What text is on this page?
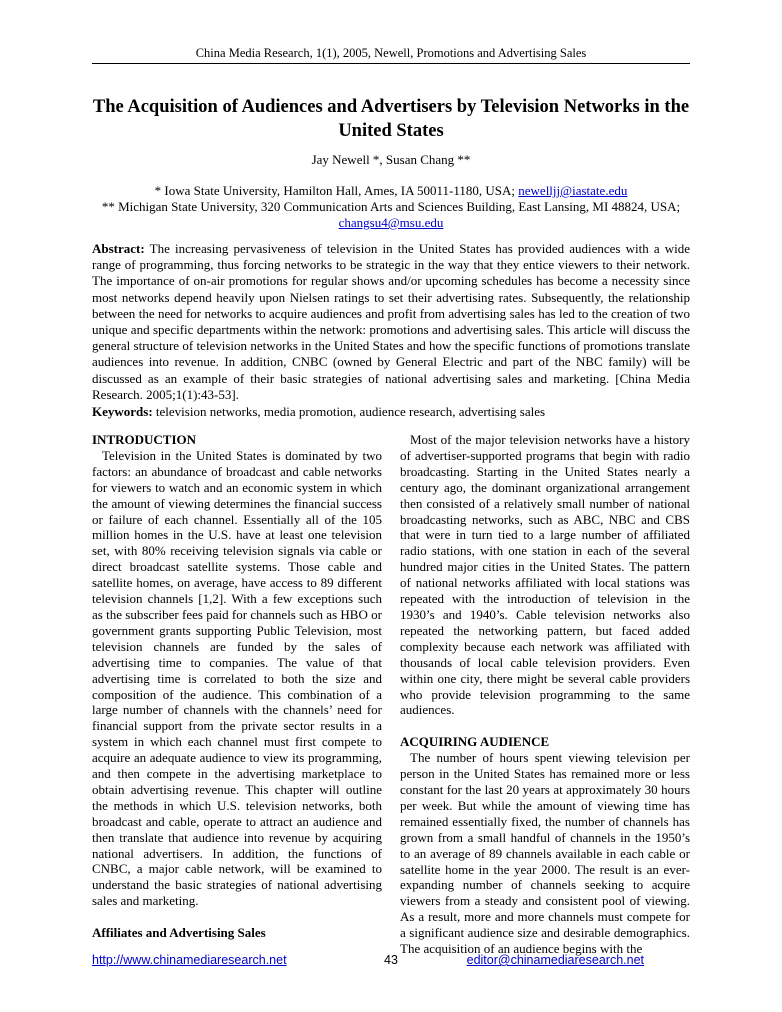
China Media Research, 1(1), 2005, Newell, Promotions and Advertising Sales
The Acquisition of Audiences and Advertisers by Television Networks in the United States
Jay Newell *, Susan Chang **
* Iowa State University, Hamilton Hall, Ames, IA 50011-1180, USA; newelljj@iastate.edu
** Michigan State University, 320 Communication Arts and Sciences Building, East Lansing, MI 48824, USA; changsu4@msu.edu

Abstract: The increasing pervasiveness of television in the United States has provided audiences with a wide range of programming, thus forcing networks to be strategic in the way that they entice viewers to their network. The importance of on-air promotions for regular shows and/or upcoming schedules has become a necessity since most networks depend heavily upon Nielsen ratings to set their advertising rates. Subsequently, the relationship between the need for networks to acquire audiences and profit from advertising sales has led to the creation of two unique and specific departments within the network: promotions and advertising sales. This article will discuss the general structure of television networks in the United States and how the specific functions of promotions translate audiences into revenue. In addition, CNBC (owned by General Electric and part of the NBC family) will be discussed as an example of their basic strategies of national advertising sales and marketing. [China Media Research. 2005;1(1):43-53].

Keywords: television networks, media promotion, audience research, advertising sales

INTRODUCTION

Television in the United States is dominated by two factors: an abundance of broadcast and cable networks for viewers to watch and an economic system in which the amount of viewing determines the financial success or failure of each channel. Essentially all of the 105 million homes in the U.S. have at least one television set, with 80% receiving television signals via cable or direct broadcast satellite systems. Those cable and satellite homes, on average, have access to 89 different television channels [1,2]. With a few exceptions such as the subscriber fees paid for channels such as HBO or government grants supporting Public Television, most television channels are funded by the sales of advertising time to companies. The value of that advertising time is correlated to both the size and composition of the audience. This combination of a large number of channels with the channels’ need for financial support from the private sector results in a system in which each channel must first compete to acquire an adequate audience to view its programming, and then compete in the advertising marketplace to obtain advertising revenue. This chapter will outline the methods in which U.S. television networks, both broadcast and cable, operate to attract an audience and then translate that audience into revenue by acquiring national advertisers. In addition, the functions of CNBC, a major cable network, will be examined to understand the basic strategies of national advertising sales and marketing.

Affiliates and Advertising Sales

Most of the major television networks have a history of advertiser-supported programs that begin with radio broadcasting. Starting in the United States nearly a century ago, the dominant organizational arrangement then consisted of a relatively small number of national broadcasting networks, such as ABC, NBC and CBS that were in turn tied to a large number of affiliated radio stations, with one station in each of the several hundred major cities in the United States. The pattern of national networks affiliated with local stations was repeated with the introduction of television in the 1930’s and 1940’s. Cable television networks also repeated the networking pattern, but faced added complexity because each network was affiliated with thousands of local cable television providers. Even within one city, there might be several cable providers who provide television programming to the same audiences.

ACQUIRING AUDIENCE

The number of hours spent viewing television per person in the United States has remained more or less constant for the last 20 years at approximately 30 hours per week. But while the amount of viewing time has remained essentially fixed, the number of channels has grown from a small handful of channels in the 1950’s to an average of 89 channels available in each cable or satellite home in the year 2000. The result is an ever-expanding number of channels seeking to acquire viewers from a steady and consistent pool of viewing. As a result, more and more channels must compete for a significant audience size and desirable demographics. The acquisition of an audience begins with the

http://www.chinamediaresearch.net	43	editor@chinamediaresearch.net
